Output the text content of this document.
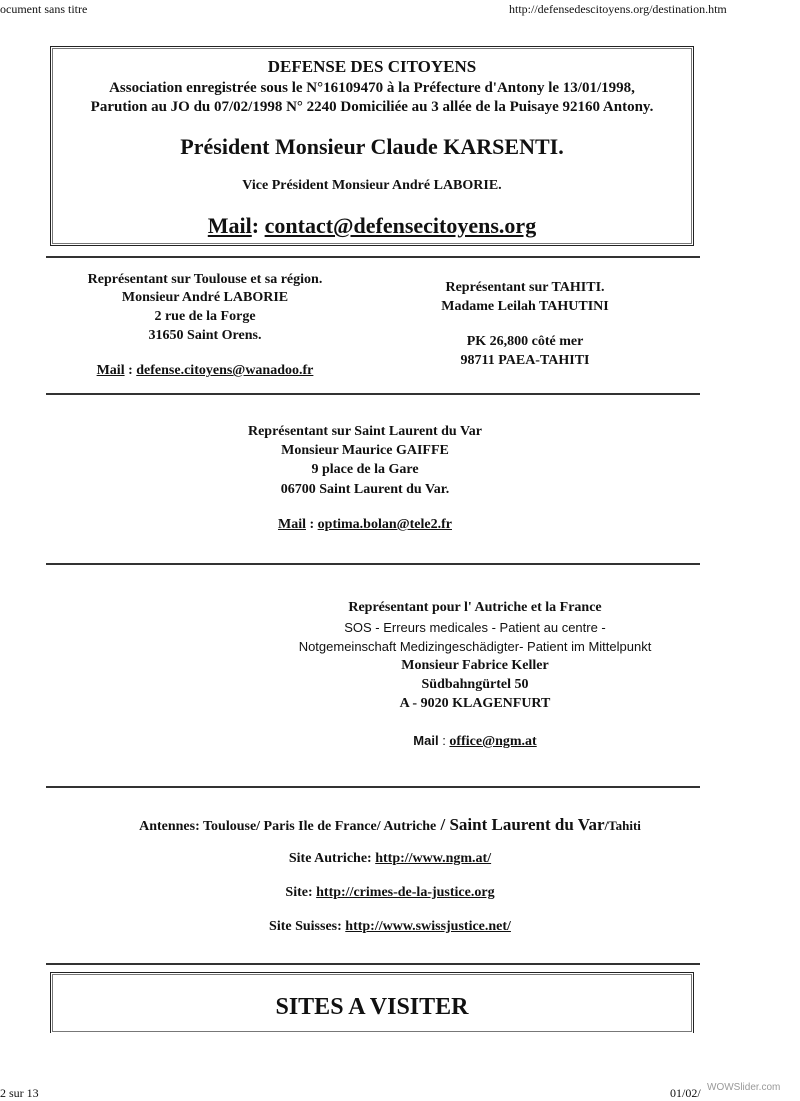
ocument sans titre	http://defensedescitoyens.org/destination.htm
DEFENSE DES CITOYENS
Association enregistrée sous le N°16109470 à la Préfecture d'Antony le 13/01/1998,
Parution au JO du 07/02/1998 N° 2240 Domiciliée au 3 allée de la Puisaye 92160 Antony.
Président Monsieur Claude KARSENTI.
Vice Président Monsieur André LABORIE.
Mail: contact@defensecitoyens.org
Représentant sur Toulouse et sa région.
Monsieur André LABORIE
2 rue de la Forge
31650 Saint Orens.
Mail : defense.citoyens@wanadoo.fr
Représentant sur TAHITI.
Madame Leilah TAHUTINI
PK 26,800 côté mer
98711 PAEA-TAHITI
Représentant sur Saint Laurent du Var
Monsieur Maurice GAIFFE
9 place de la Gare
06700 Saint Laurent du Var.
Mail : optima.bolan@tele2.fr
Représentant pour l' Autriche et la France
SOS - Erreurs medicales - Patient au centre -
Notgemeinschaft Medizingeschädigter- Patient im Mittelpunkt
Monsieur Fabrice Keller
Südbahngürtel 50
A - 9020 KLAGENFURT
Mail : office@ngm.at
Antennes: Toulouse/ Paris Ile de France/ Autriche / Saint Laurent du Var/Tahiti
Site Autriche: http://www.ngm.at/
Site: http://crimes-de-la-justice.org
Site Suisses: http://www.swissjustice.net/
SITES A VISITER
2 sur 13	01/02/ WOWSlider.com
